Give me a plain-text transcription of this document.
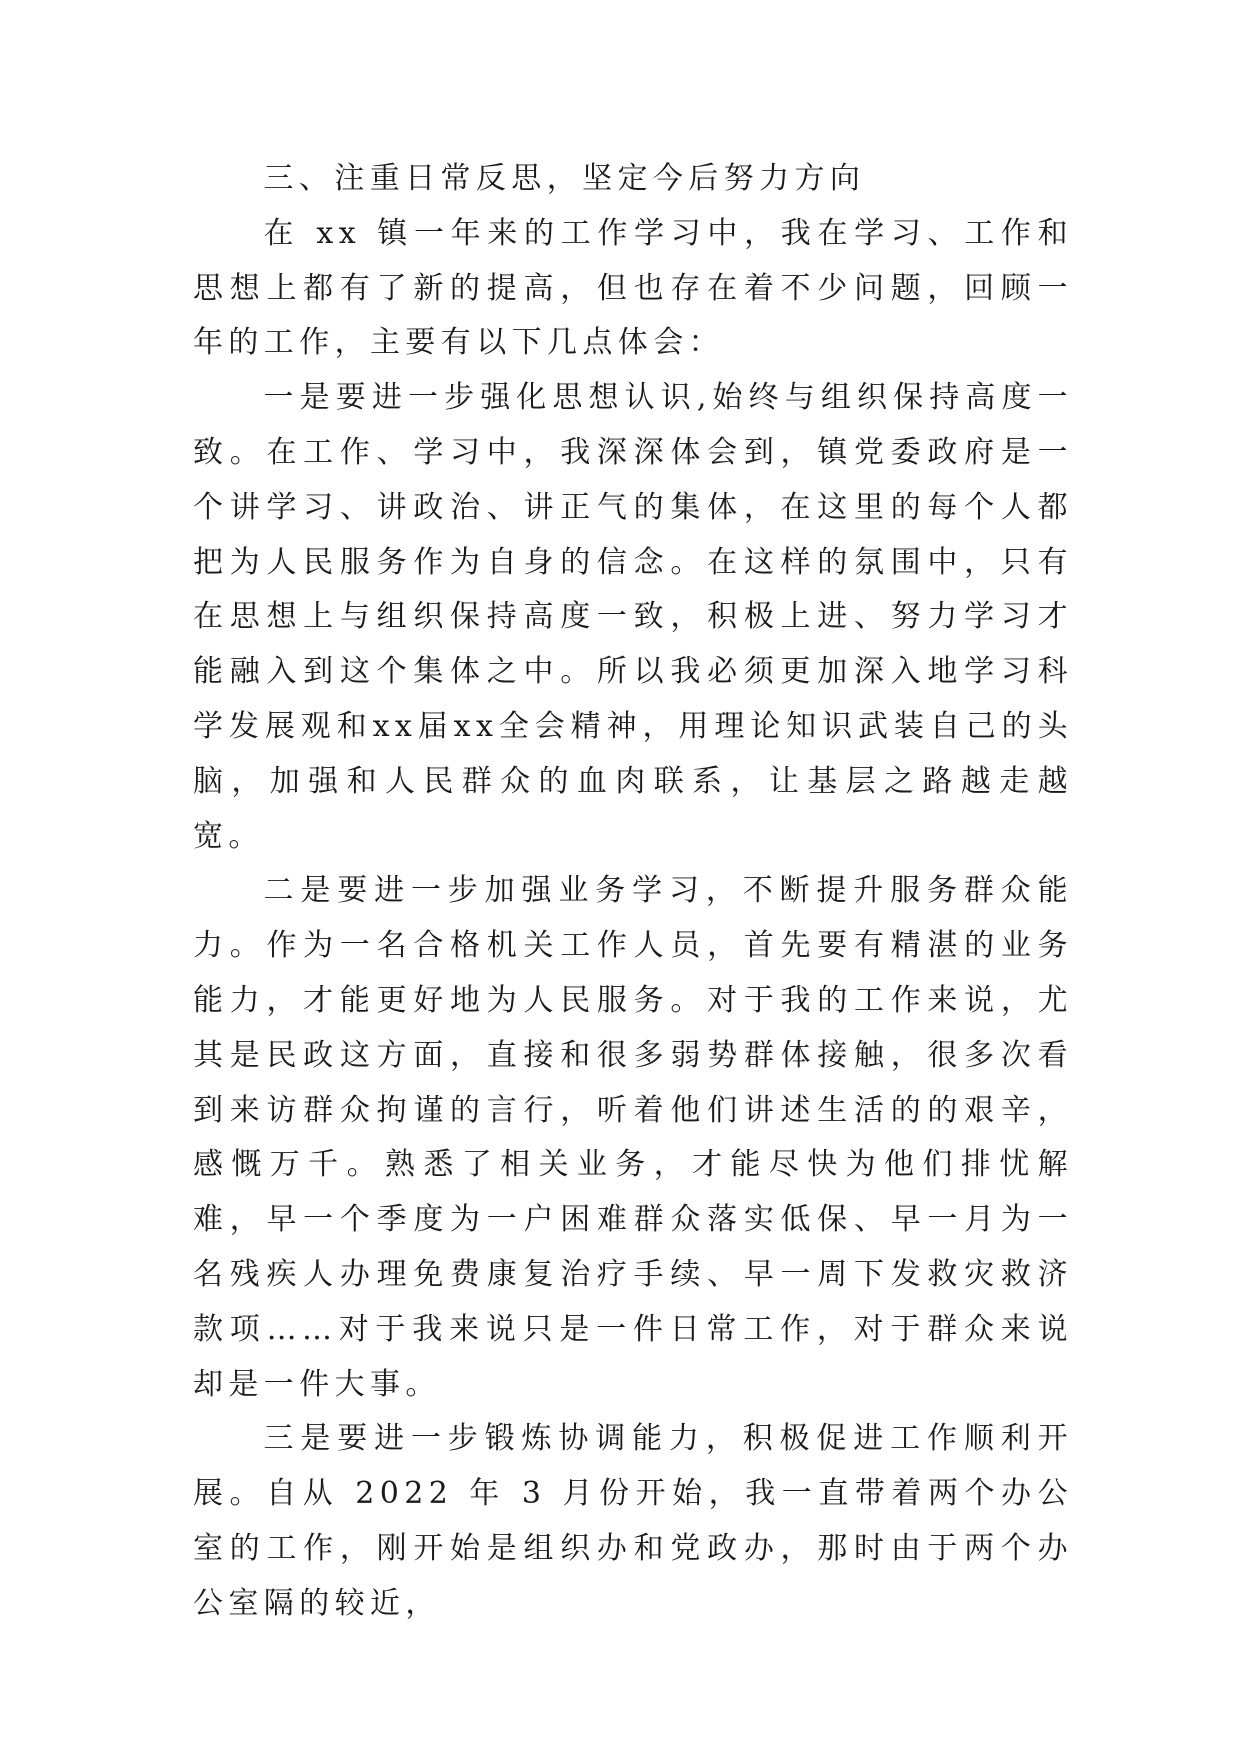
三、注重日常反思，坚定今后努力方向

在 xx 镇一年来的工作学习中，我在学习、工作和思想上都有了新的提高，但也存在着不少问题，回顾一年的工作，主要有以下几点体会：

一是要进一步强化思想认识,始终与组织保持高度一致。在工作、学习中，我深深体会到，镇党委政府是一个讲学习、讲政治、讲正气的集体，在这里的每个人都把为人民服务作为自身的信念。在这样的氛围中，只有在思想上与组织保持高度一致，积极上进、努力学习才能融入到这个集体之中。所以我必须更加深入地学习科学发展观和xx届xx全会精神，用理论知识武装自己的头脑，加强和人民群众的血肉联系，让基层之路越走越宽。

二是要进一步加强业务学习，不断提升服务群众能力。作为一名合格机关工作人员，首先要有精湛的业务能力，才能更好地为人民服务。对于我的工作来说，尤其是民政这方面，直接和很多弱势群体接触，很多次看到来访群众拘谨的言行，听着他们讲述生活的的艰辛，感慨万千。熟悉了相关业务，才能尽快为他们排忧解难，早一个季度为一户困难群众落实低保、早一月为一名残疾人办理免费康复治疗手续、早一周下发救灾救济款项……对于我来说只是一件日常工作，对于群众来说却是一件大事。

三是要进一步锻炼协调能力，积极促进工作顺利开展。自从 2022 年 3 月份开始，我一直带着两个办公室的工作，刚开始是组织办和党政办，那时由于两个办公室隔的较近，
